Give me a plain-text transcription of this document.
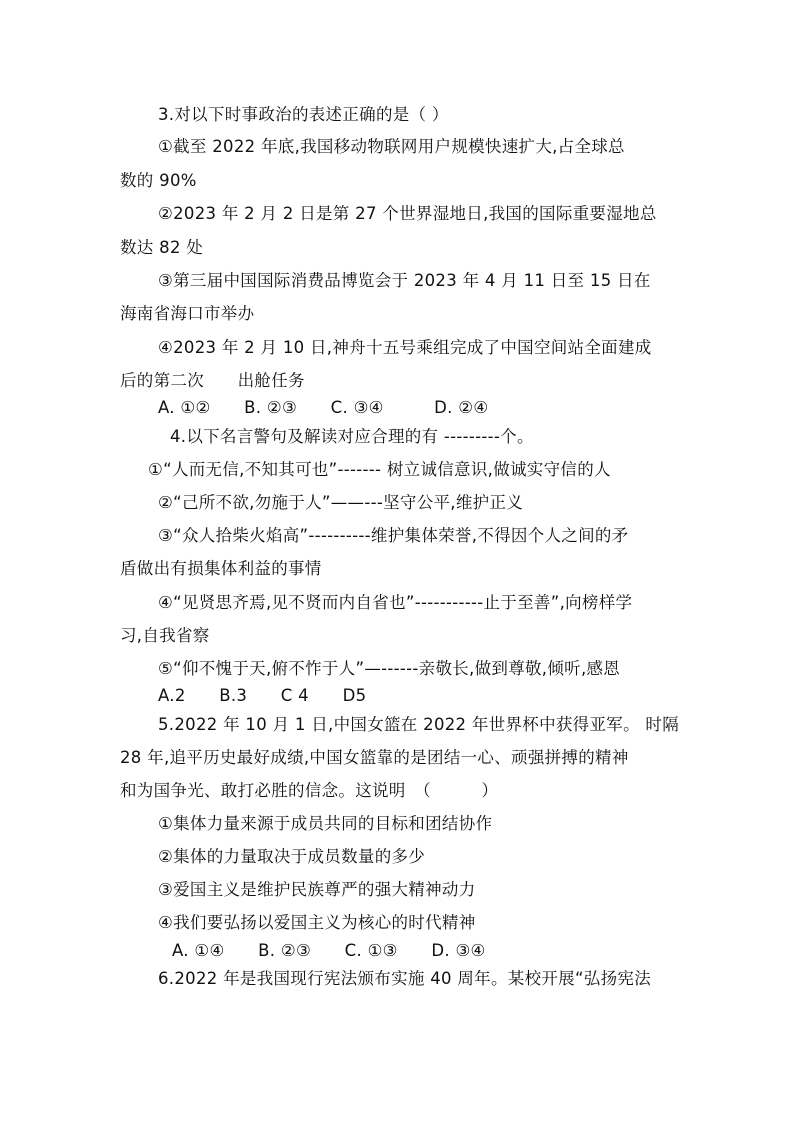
3.对以下时事政治的表述正确的是（ ）
①截至 2022 年底,我国移动物联网用户规模快速扩大,占全球总
数的 90%
②2023 年 2 月 2 日是第 27 个世界湿地日,我国的国际重要湿地总
数达 82 处
③第三届中国国际消费品博览会于 2023 年 4 月 11 日至 15 日在
海南省海口市举办
④2023 年 2 月 10 日,神舟十五号乘组完成了中国空间站全面建成
后的第二次　　出舱任务
A. ①②　　B. ②③　　C. ③④　　　D. ②④
4.以下名言警句及解读对应合理的有 ---------个。
①“人而无信,不知其可也”------- 树立诚信意识,做诚实守信的人
②“己所不欲,勿施于人”——---坚守公平,维护正义
③“众人拾柴火焰高”----------维护集体荣誉,不得因个人之间的矛
盾做出有损集体利益的事情
④“见贤思齐焉,见不贤而内自省也”-----------止于至善”,向榜样学
习,自我省察
⑤“仰不愧于天,俯不怍于人”—------亲敬长,做到尊敬,倾听,感恩
A.2　　B.3　　C 4　　D5
5.2022 年 10 月 1 日,中国女篮在 2022 年世界杯中获得亚军。 时隔
28 年,追平历史最好成绩,中国女篮靠的是团结一心、顽强拼搏的精神
和为国争光、敢打必胜的信念。这说明　（　　　）
①集体力量来源于成员共同的目标和团结协作
②集体的力量取决于成员数量的多少
③爱国主义是维护民族尊严的强大精神动力
④我们要弘扬以爱国主义为核心的时代精神
A. ①④　　B. ②③　　C. ①③　　D. ③④
6.2022 年是我国现行宪法颁布实施 40 周年。某校开展“弘扬宪法
